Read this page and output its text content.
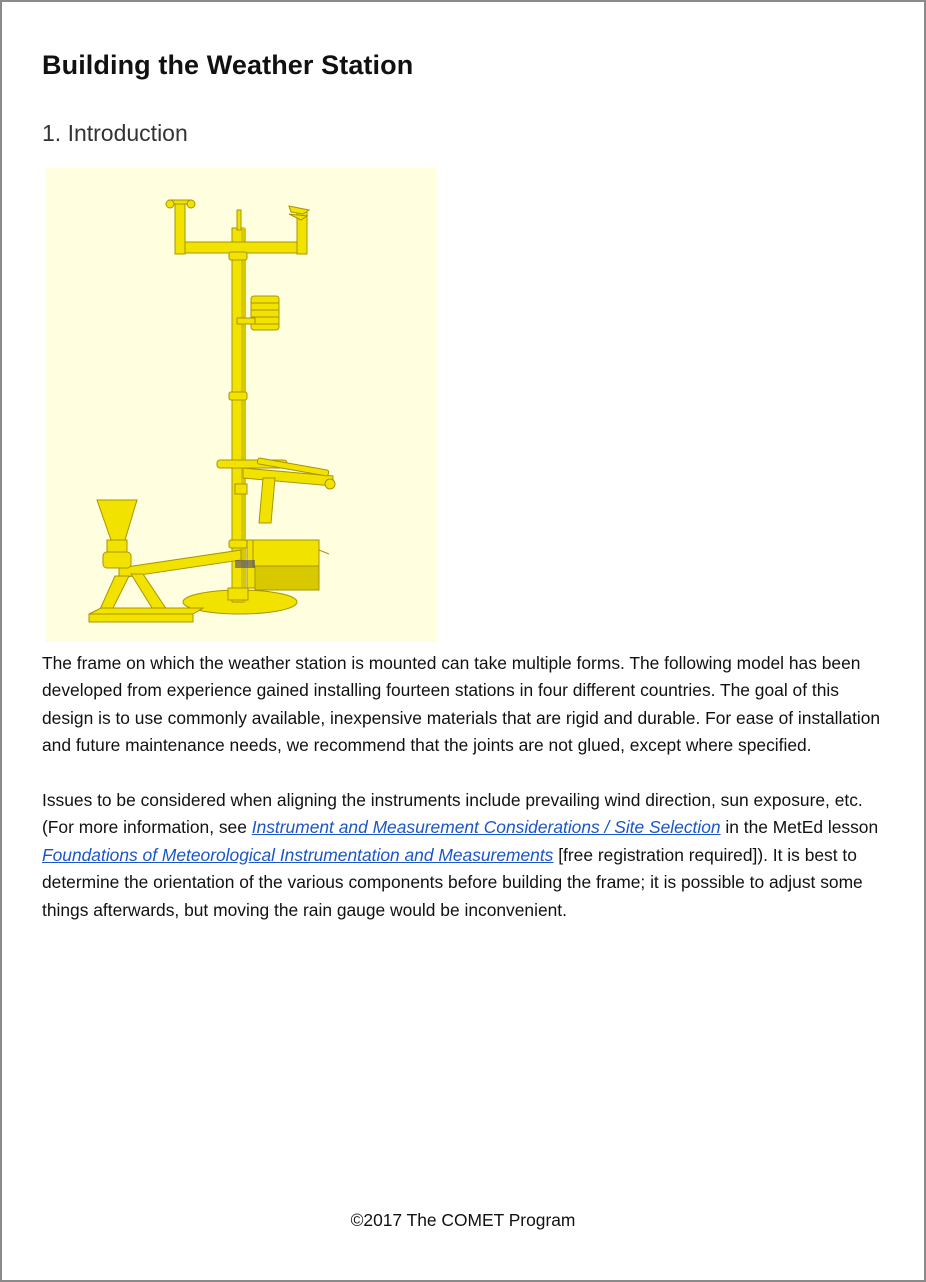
Building the Weather Station
1. Introduction

The frame on which the weather station is mounted can take multiple forms. The following model has been developed from experience gained installing fourteen stations in four different countries. The goal of this design is to use commonly available, inexpensive materials that are rigid and durable. For ease of installation and future maintenance needs, we recommend that the joints are not glued, except where specified.

Issues to be considered when aligning the instruments include prevailing wind direction, sun exposure, etc. (For more information, see Instrument and Measurement Considerations / Site Selection in the MetEd lesson Foundations of Meteorological Instrumentation and Measurements [free registration required]). It is best to determine the orientation of the various components before building the frame; it is possible to adjust some things afterwards, but moving the rain gauge would be inconvenient.

©2017 The COMET Program
